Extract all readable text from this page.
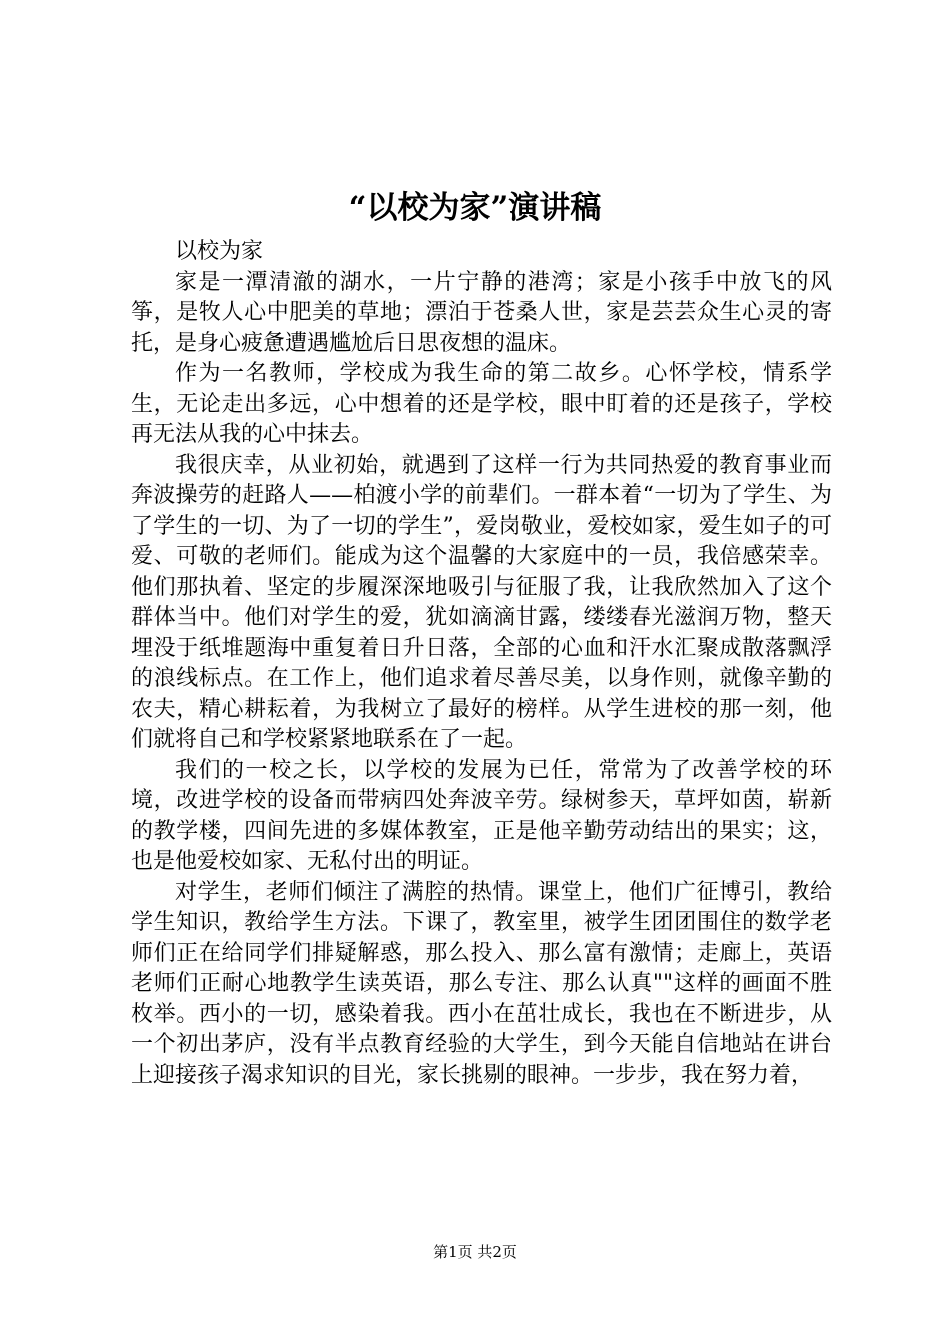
“以校为家”演讲稿

以校为家

家是一潭清澈的湖水，一片宁静的港湾；家是小孩手中放飞的风筝，是牧人心中肥美的草地；漂泊于苍桑人世，家是芸芸众生心灵的寄托，是身心疲惫遭遇尴尬后日思夜想的温床。

作为一名教师，学校成为我生命的第二故乡。心怀学校，情系学生，无论走出多远，心中想着的还是学校，眼中盯着的还是孩子，学校再无法从我的心中抹去。

我很庆幸，从业初始，就遇到了这样一行为共同热爱的教育事业而奔波操劳的赶路人——柏渡小学的前辈们。一群本着“一切为了学生、为了学生的一切、为了一切的学生”，爱岗敬业，爱校如家，爱生如子的可爱、可敬的老师们。能成为这个温馨的大家庭中的一员，我倍感荣幸。他们那执着、坚定的步履深深地吸引与征服了我，让我欣然加入了这个群体当中。他们对学生的爱，犹如滴滴甘露，缕缕春光滋润万物，整天埋没于纸堆题海中重复着日升日落，全部的心血和汗水汇聚成散落飘浮的浪线标点。在工作上，他们追求着尽善尽美，以身作则，就像辛勤的农夫，精心耕耘着，为我树立了最好的榜样。从学生进校的那一刻，他们就将自己和学校紧紧地联系在了一起。

我们的一校之长，以学校的发展为已任，常常为了改善学校的环境，改进学校的设备而带病四处奔波辛劳。绿树参天，草坪如茵，崭新的教学楼，四间先进的多媒体教室，正是他辛勤劳动结出的果实；这，也是他爱校如家、无私付出的明证。

对学生，老师们倾注了满腔的热情。课堂上，他们广征博引，教给学生知识，教给学生方法。下课了，教室里，被学生团团围住的数学老师们正在给同学们排疑解惑，那么投入、那么富有激情；走廊上，英语老师们正耐心地教学生读英语，那么专注、那么认真""这样的画面不胜枚举。西小的一切，感染着我。西小在茁壮成长，我也在不断进步，从一个初出茅庐，没有半点教育经验的大学生，到今天能自信地站在讲台上迎接孩子渴求知识的目光，家长挑剔的眼神。一步步，我在努力着，

第1页 共2页
